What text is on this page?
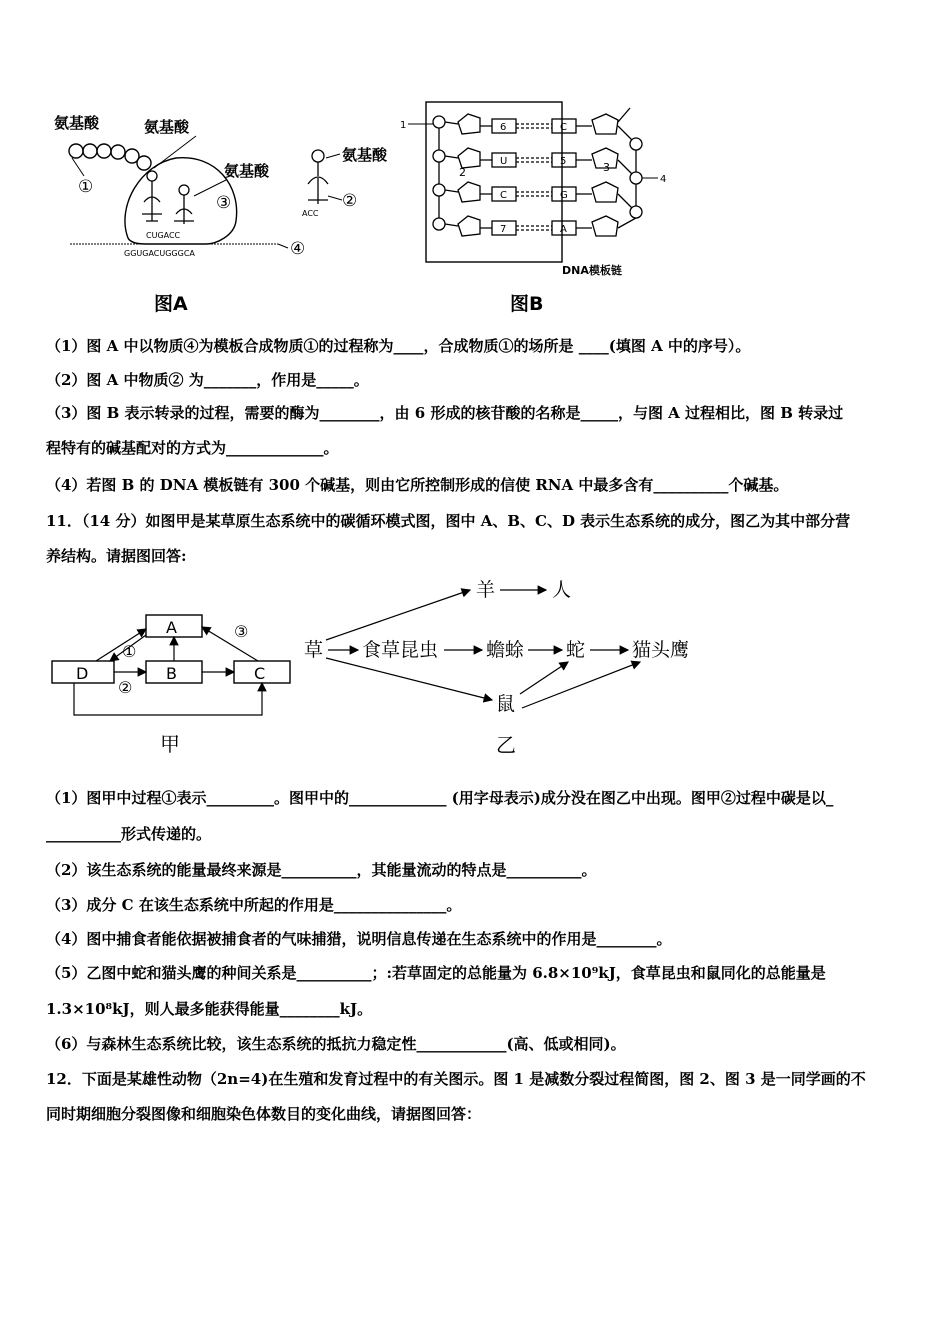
氨基酸	氨基酸
氨基酸
氨基酸
①
③
CUGACC
GGUGACUGGGCA	④
ACC
②
图A
1	6
U
C
7
C
5
G
A
2	3
4
DNA模板链
图B
（1）图 A 中以物质④为模板合成物质①的过程称为____，合成物质①的场所是 ____(填图 A 中的序号）。
（2）图 A 中物质② 为_______，作用是_____。
（3）图 B 表示转录的过程，需要的酶为________，由 6 形成的核苷酸的名称是_____，与图 A 过程相比，图 B 转录过
程特有的碱基配对的方式为_____________。
（4）若图 B 的 DNA 模板链有 300 个碱基，则由它所控制形成的信使 RNA 中最多含有__________个碱基。
11．（14 分）如图甲是某草原生态系统中的碳循环模式图，图中 A、B、C、D 表示生态系统的成分，图乙为其中部分营
养结构。请据图回答:
A
D	B	C
①
②
③
甲
草 食草昆虫	蟾蜍 蛇 猫头鹰
羊	人
鼠
乙
（1）图甲中过程①表示_________。图甲中的_____________ (用字母表示)成分没在图乙中出现。图甲②过程中碳是以_
__________形式传递的。
（2）该生态系统的能量最终来源是__________，其能量流动的特点是__________。
（3）成分 C 在该生态系统中所起的作用是_______________。
（4）图中捕食者能依据被捕食者的气味捕猎，说明信息传递在生态系统中的作用是________。
（5）乙图中蛇和猫头鹰的种间关系是__________；:若草固定的总能量为 6.8×10⁹kJ，食草昆虫和鼠同化的总能量是
1.3×10⁸kJ，则人最多能获得能量________kJ。
（6）与森林生态系统比较，该生态系统的抵抗力稳定性____________(高、低或相同)。
12．下面是某雄性动物（2n=4)在生殖和发育过程中的有关图示。图 1 是减数分裂过程简图，图 2、图 3 是一同学画的不
同时期细胞分裂图像和细胞染色体数目的变化曲线，请据图回答：
